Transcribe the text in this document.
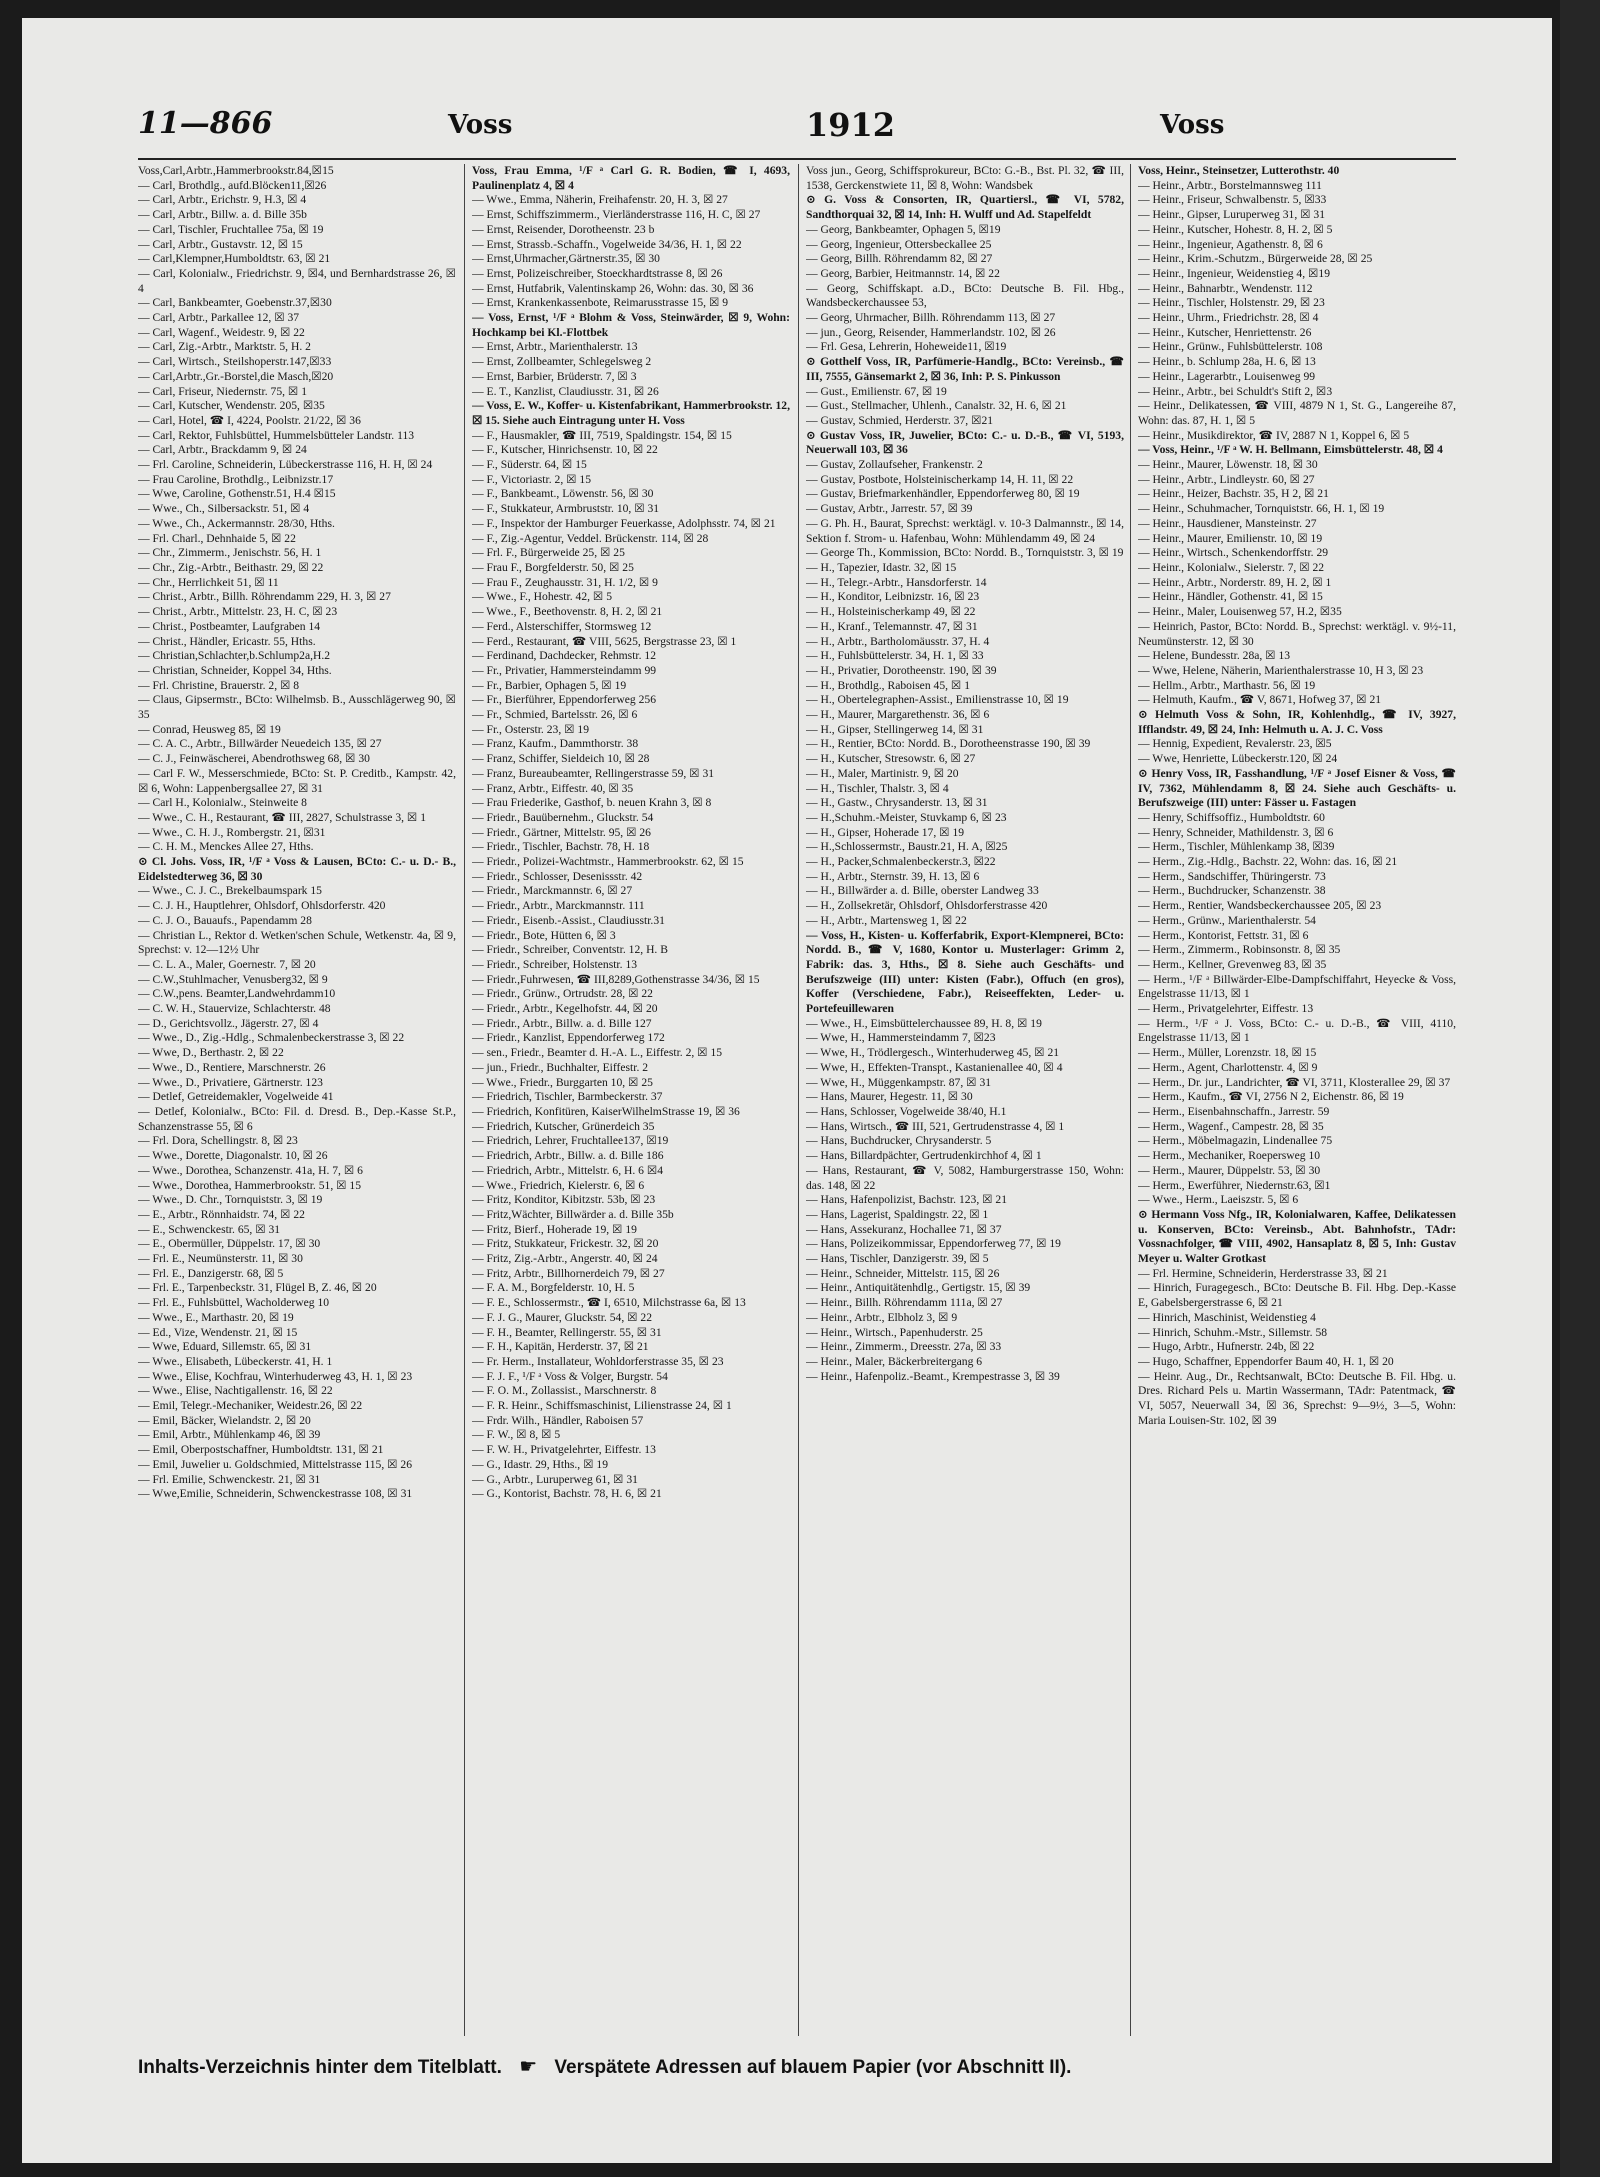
11—866	Voss	1912	Voss

Voss,Carl,Arbtr.,Hammerbrookstr.84,☒15

— Carl, Brothdlg., aufd.Blöcken11,☒26

— Carl, Arbtr., Erichstr. 9, H.3, ☒ 4

— Carl, Arbtr., Billw. a. d. Bille 35b

— Carl, Tischler, Fruchtallee 75a, ☒ 19

— Carl, Arbtr., Gustavstr. 12, ☒ 15

— Carl,Klempner,Humboldtstr. 63, ☒ 21

— Carl, Kolonialw., Friedrichstr. 9, ☒4, und Bernhardstrasse 26, ☒ 4

— Carl, Bankbeamter, Goebenstr.37,☒30

— Carl, Arbtr., Parkallee 12, ☒ 37

— Carl, Wagenf., Weidestr. 9, ☒ 22

— Carl, Zig.-Arbtr., Marktstr. 5, H. 2

— Carl, Wirtsch., Steilshoperstr.147,☒33

— Carl,Arbtr.,Gr.-Borstel,die Masch,☒20

— Carl, Friseur, Niedernstr. 75, ☒ 1

— Carl, Kutscher, Wendenstr. 205, ☒35

— Carl, Hotel, ☎ I, 4224, Poolstr. 21/22, ☒ 36

— Carl, Rektor, Fuhlsbüttel, Hummelsbütteler Landstr. 113

— Carl, Arbtr., Brackdamm 9, ☒ 24

— Frl. Caroline, Schneiderin, Lübeckerstrasse 116, H. H, ☒ 24

— Frau Caroline, Brothdlg., Leibnizstr.17

— Wwe, Caroline, Gothenstr.51, H.4 ☒15

— Wwe., Ch., Silbersackstr. 51, ☒ 4

— Wwe., Ch., Ackermannstr. 28/30, Hths.

— Frl. Charl., Dehnhaide 5, ☒ 22

— Chr., Zimmerm., Jenischstr. 56, H. 1

— Chr., Zig.-Arbtr., Beithastr. 29, ☒ 22

— Chr., Herrlichkeit 51, ☒ 11

— Christ., Arbtr., Billh. Röhrendamm 229, H. 3, ☒ 27

— Christ., Arbtr., Mittelstr. 23, H. C, ☒ 23

— Christ., Postbeamter, Laufgraben 14

— Christ., Händler, Ericastr. 55, Hths.

— Christian,Schlachter,b.Schlump2a,H.2

— Christian, Schneider, Koppel 34, Hths.

— Frl. Christine, Brauerstr. 2, ☒ 8

— Claus, Gipsermstr., BCto: Wilhelmsb. B., Ausschlägerweg 90, ☒ 35

— Conrad, Heusweg 85, ☒ 19

— C. A. C., Arbtr., Billwärder Neuedeich 135, ☒ 27

— C. J., Feinwäscherei, Abendrothsweg 68, ☒ 30

— Carl F. W., Messerschmiede, BCto: St. P. Creditb., Kampstr. 42, ☒ 6, Wohn: Lappenbergsallee 27, ☒ 31

— Carl H., Kolonialw., Steinweite 8

— Wwe., C. H., Restaurant, ☎ III, 2827, Schulstrasse 3, ☒ 1

— Wwe., C. H. J., Rombergstr. 21, ☒31

— C. H. M., Menckes Allee 27, Hths.

⊙ Cl. Johs. Voss, IR, ¹/F ᵃ Voss & Lausen, BCto: C.- u. D.- B., Eidelstedterweg 36, ☒ 30

— Wwe., C. J. C., Brekelbaumspark 15

— C. J. H., Hauptlehrer, Ohlsdorf, Ohlsdorferstr. 420

— C. J. O., Bauaufs., Papendamm 28

— Christian L., Rektor d. Wetken'schen Schule, Wetkenstr. 4a, ☒ 9, Sprechst: v. 12—12½ Uhr

— C. L. A., Maler, Goernestr. 7, ☒ 20

— C.W.,Stuhlmacher, Venusberg32, ☒ 9

— C.W.,pens. Beamter,Landwehrdamm10

— C. W. H., Stauervize, Schlachterstr. 48

— D., Gerichtsvollz., Jägerstr. 27, ☒ 4

— Wwe., D., Zig.-Hdlg., Schmalenbeckerstrasse 3, ☒ 22

— Wwe, D., Berthastr. 2, ☒ 22

— Wwe., D., Rentiere, Marschnerstr. 26

— Wwe., D., Privatiere, Gärtnerstr. 123

— Detlef, Getreidemakler, Vogelweide 41

— Detlef, Kolonialw., BCto: Fil. d. Dresd. B., Dep.-Kasse St.P., Schanzenstrasse 55, ☒ 6

— Frl. Dora, Schellingstr. 8, ☒ 23

— Wwe., Dorette, Diagonalstr. 10, ☒ 26

— Wwe., Dorothea, Schanzenstr. 41a, H. 7, ☒ 6

— Wwe., Dorothea, Hammerbrookstr. 51, ☒ 15

— Wwe., D. Chr., Tornquiststr. 3, ☒ 19

— E., Arbtr., Rönnhaidstr. 74, ☒ 22

— E., Schwenckestr. 65, ☒ 31

— E., Obermüller, Düppelstr. 17, ☒ 30

— Frl. E., Neumünsterstr. 11, ☒ 30

— Frl. E., Danzigerstr. 68, ☒ 5

— Frl. E., Tarpenbeckstr. 31, Flügel B, Z. 46, ☒ 20

— Frl. E., Fuhlsbüttel, Wacholderweg 10

— Wwe., E., Marthastr. 20, ☒ 19

— Ed., Vize, Wendenstr. 21, ☒ 15

— Wwe, Eduard, Sillemstr. 65, ☒ 31

— Wwe., Elisabeth, Lübeckerstr. 41, H. 1

— Wwe., Elise, Kochfrau, Winterhuderweg 43, H. 1, ☒ 23

— Wwe., Elise, Nachtigallenstr. 16, ☒ 22

— Emil, Telegr.-Mechaniker, Weidestr.26, ☒ 22

— Emil, Bäcker, Wielandstr. 2, ☒ 20

— Emil, Arbtr., Mühlenkamp 46, ☒ 39

— Emil, Oberpostschaffner, Humboldtstr. 131, ☒ 21

— Emil, Juwelier u. Goldschmied, Mittelstrasse 115, ☒ 26

— Frl. Emilie, Schwenckestr. 21, ☒ 31

— Wwe,Emilie, Schneiderin, Schwenckestrasse 108, ☒ 31

Voss, Frau Emma, ¹/F ᵃ Carl G. R. Bodien, ☎ I, 4693, Paulinenplatz 4, ☒ 4

— Wwe., Emma, Näherin, Freihafenstr. 20, H. 3, ☒ 27

— Ernst, Schiffszimmerm., Vierländerstrasse 116, H. C, ☒ 27

— Ernst, Reisender, Dorotheenstr. 23 b

— Ernst, Strassb.-Schaffn., Vogelweide 34/36, H. 1, ☒ 22

— Ernst,Uhrmacher,Gärtnerstr.35, ☒ 30

— Ernst, Polizeischreiber, Stoeckhardtstrasse 8, ☒ 26

— Ernst, Hutfabrik, Valentinskamp 26, Wohn: das. 30, ☒ 36

— Ernst, Krankenkassenbote, Reimarusstrasse 15, ☒ 9

— Voss, Ernst, ¹/F ᵃ Blohm & Voss, Steinwärder, ☒ 9, Wohn: Hochkamp bei Kl.-Flottbek

— Ernst, Arbtr., Marienthalerstr. 13

— Ernst, Zollbeamter, Schlegelsweg 2

— Ernst, Barbier, Brüderstr. 7, ☒ 3

— E. T., Kanzlist, Claudiusstr. 31, ☒ 26

— Voss, E. W., Koffer- u. Kistenfabrikant, Hammerbrookstr. 12, ☒ 15. Siehe auch Eintragung unter H. Voss

— F., Hausmakler, ☎ III, 7519, Spaldingstr. 154, ☒ 15

— F., Kutscher, Hinrichsenstr. 10, ☒ 22

— F., Süderstr. 64, ☒ 15

— F., Victoriastr. 2, ☒ 15

— F., Bankbeamt., Löwenstr. 56, ☒ 30

— F., Stukkateur, Armbruststr. 10, ☒ 31

— F., Inspektor der Hamburger Feuerkasse, Adolphsstr. 74, ☒ 21

— F., Zig.-Agentur, Veddel. Brückenstr. 114, ☒ 28

— Frl. F., Bürgerweide 25, ☒ 25

— Frau F., Borgfelderstr. 50, ☒ 25

— Frau F., Zeughausstr. 31, H. 1/2, ☒ 9

— Wwe., F., Hohestr. 42, ☒ 5

— Wwe., F., Beethovenstr. 8, H. 2, ☒ 21

— Ferd., Alsterschiffer, Stormsweg 12

— Ferd., Restaurant, ☎ VIII, 5625, Bergstrasse 23, ☒ 1

— Ferdinand, Dachdecker, Rehmstr. 12

— Fr., Privatier, Hammersteindamm 99

— Fr., Barbier, Ophagen 5, ☒ 19

— Fr., Bierführer, Eppendorferweg 256

— Fr., Schmied, Bartelsstr. 26, ☒ 6

— Fr., Osterstr. 23, ☒ 19

— Franz, Kaufm., Dammthorstr. 38

— Franz, Schiffer, Sieldeich 10, ☒ 28

— Franz, Bureaubeamter, Rellingerstrasse 59, ☒ 31

— Franz, Arbtr., Eiffestr. 40, ☒ 35

— Frau Friederike, Gasthof, b. neuen Krahn 3, ☒ 8

— Friedr., Bauübernehm., Gluckstr. 54

— Friedr., Gärtner, Mittelstr. 95, ☒ 26

— Friedr., Tischler, Bachstr. 78, H. 18

— Friedr., Polizei-Wachtmstr., Hammerbrookstr. 62, ☒ 15

— Friedr., Schlosser, Desenissstr. 42

— Friedr., Marckmannstr. 6, ☒ 27

— Friedr., Arbtr., Marckmannstr. 111

— Friedr., Eisenb.-Assist., Claudiusstr.31

— Friedr., Bote, Hütten 6, ☒ 3

— Friedr., Schreiber, Conventstr. 12, H. B

— Friedr., Schreiber, Holstenstr. 13

— Friedr.,Fuhrwesen, ☎ III,8289,Gothenstrasse 34/36, ☒ 15

— Friedr., Grünw., Ortrudstr. 28, ☒ 22

— Friedr., Arbtr., Kegelhofstr. 44, ☒ 20

— Friedr., Arbtr., Billw. a. d. Bille 127

— Friedr., Kanzlist, Eppendorferweg 172

— sen., Friedr., Beamter d. H.-A. L., Eiffestr. 2, ☒ 15

— jun., Friedr., Buchhalter, Eiffestr. 2

— Wwe., Friedr., Burggarten 10, ☒ 25

— Friedrich, Tischler, Barmbeckerstr. 37

— Friedrich, Konfitüren, KaiserWilhelmStrasse 19, ☒ 36

— Friedrich, Kutscher, Grünerdeich 35

— Friedrich, Lehrer, Fruchtallee137, ☒19

— Friedrich, Arbtr., Billw. a. d. Bille 186

— Friedrich, Arbtr., Mittelstr. 6, H. 6 ☒4

— Wwe., Friedrich, Kielerstr. 6, ☒ 6

— Fritz, Konditor, Kibitzstr. 53b, ☒ 23

— Fritz,Wächter, Billwärder a. d. Bille 35b

— Fritz, Bierf., Hoherade 19, ☒ 19

— Fritz, Stukkateur, Frickestr. 32, ☒ 20

— Fritz, Zig.-Arbtr., Angerstr. 40, ☒ 24

— Fritz, Arbtr., Billhornerdeich 79, ☒ 27

— F. A. M., Borgfelderstr. 10, H. 5

— F. E., Schlossermstr., ☎ I, 6510, Milchstrasse 6a, ☒ 13

— F. J. G., Maurer, Gluckstr. 54, ☒ 22

— F. H., Beamter, Rellingerstr. 55, ☒ 31

— F. H., Kapitän, Herderstr. 37, ☒ 21

— Fr. Herm., Installateur, Wohldorferstrasse 35, ☒ 23

— F. J. F., ¹/F ᵃ Voss & Volger, Burgstr. 54

— F. O. M., Zollassist., Marschnerstr. 8

— F. R. Heinr., Schiffsmaschinist, Lilienstrasse 24, ☒ 1

— Frdr. Wilh., Händler, Raboisen 57

— F. W., ☒ 8, ☒ 5

— F. W. H., Privatgelehrter, Eiffestr. 13

— G., Idastr. 29, Hths., ☒ 19

— G., Arbtr., Luruperweg 61, ☒ 31

— G., Kontorist, Bachstr. 78, H. 6, ☒ 21

Voss jun., Georg, Schiffsprokureur, BCto: G.-B., Bst. Pl. 32, ☎ III, 1538, Gerckenstwiete 11, ☒ 8, Wohn: Wandsbek

⊙ G. Voss & Consorten, IR, Quartiersl., ☎ VI, 5782, Sandthorquai 32, ☒ 14, Inh: H. Wulff und Ad. Stapelfeldt

— Georg, Bankbeamter, Ophagen 5, ☒19

— Georg, Ingenieur, Ottersbeckallee 25

— Georg, Billh. Röhrendamm 82, ☒ 27

— Georg, Barbier, Heitmannstr. 14, ☒ 22

— Georg, Schiffskapt. a.D., BCto: Deutsche B. Fil. Hbg., Wandsbeckerchaussee 53,

— Georg, Uhrmacher, Billh. Röhrendamm 113, ☒ 27

— jun., Georg, Reisender, Hammerlandstr. 102, ☒ 26

— Frl. Gesa, Lehrerin, Hoheweide11, ☒19

⊙ Gotthelf Voss, IR, Parfümerie-Handlg., BCto: Vereinsb., ☎ III, 7555, Gänsemarkt 2, ☒ 36, Inh: P. S. Pinkusson

— Gust., Emilienstr. 67, ☒ 19

— Gust., Stellmacher, Uhlenh., Canalstr. 32, H. 6, ☒ 21

— Gustav, Schmied, Herderstr. 37, ☒21

⊙ Gustav Voss, IR, Juwelier, BCto: C.- u. D.-B., ☎ VI, 5193, Neuerwall 103, ☒ 36

— Gustav, Zollaufseher, Frankenstr. 2

— Gustav, Postbote, Holsteinischerkamp 14, H. 11, ☒ 22

— Gustav, Briefmarkenhändler, Eppendorferweg 80, ☒ 19

— Gustav, Arbtr., Jarrestr. 57, ☒ 39

— G. Ph. H., Baurat, Sprechst: werktägl. v. 10-3 Dalmannstr., ☒ 14, Sektion f. Strom- u. Hafenbau, Wohn: Mühlendamm 49, ☒ 24

— George Th., Kommission, BCto: Nordd. B., Tornquiststr. 3, ☒ 19

— H., Tapezier, Idastr. 32, ☒ 15

— H., Telegr.-Arbtr., Hansdorferstr. 14

— H., Konditor, Leibnizstr. 16, ☒ 23

— H., Holsteinischerkamp 49, ☒ 22

— H., Kranf., Telemannstr. 47, ☒ 31

— H., Arbtr., Bartholomäusstr. 37, H. 4

— H., Fuhlsbüttelerstr. 34, H. 1, ☒ 33

— H., Privatier, Dorotheenstr. 190, ☒ 39

— H., Brothdlg., Raboisen 45, ☒ 1

— H., Obertelegraphen-Assist., Emilienstrasse 10, ☒ 19

— H., Maurer, Margarethenstr. 36, ☒ 6

— H., Gipser, Stellingerweg 14, ☒ 31

— H., Rentier, BCto: Nordd. B., Dorotheenstrasse 190, ☒ 39

— H., Kutscher, Stresowstr. 6, ☒ 27

— H., Maler, Martinistr. 9, ☒ 20

— H., Tischler, Thalstr. 3, ☒ 4

— H., Gastw., Chrysanderstr. 13, ☒ 31

— H.,Schuhm.-Meister, Stuvkamp 6, ☒ 23

— H., Gipser, Hoherade 17, ☒ 19

— H.,Schlossermstr., Baustr.21, H. A, ☒25

— H., Packer,Schmalenbeckerstr.3, ☒22

— H., Arbtr., Sternstr. 39, H. 13, ☒ 6

— H., Billwärder a. d. Bille, oberster Landweg 33

— H., Zollsekretär, Ohlsdorf, Ohlsdorferstrasse 420

— H., Arbtr., Martensweg 1, ☒ 22

— Voss, H., Kisten- u. Kofferfabrik, Export-Klempnerei, BCto: Nordd. B., ☎ V, 1680, Kontor u. Musterlager: Grimm 2, Fabrik: das. 3, Hths., ☒ 8. Siehe auch Geschäfts- und Berufszweige (III) unter: Kisten (Fabr.), Offuch (en gros), Koffer (Verschiedene, Fabr.), Reiseeffekten, Leder- u. Portefeuillewaren

— Wwe., H., Eimsbüttelerchaussee 89, H. 8, ☒ 19

— Wwe, H., Hammersteindamm 7, ☒23

— Wwe, H., Trödlergesch., Winterhuderweg 45, ☒ 21

— Wwe, H., Effekten-Transpt., Kastanienallee 40, ☒ 4

— Wwe, H., Müggenkampstr. 87, ☒ 31

— Hans, Maurer, Hegestr. 11, ☒ 30

— Hans, Schlosser, Vogelweide 38/40, H.1

— Hans, Wirtsch., ☎ III, 521, Gertrudenstrasse 4, ☒ 1

— Hans, Buchdrucker, Chrysanderstr. 5

— Hans, Billardpächter, Gertrudenkirchhof 4, ☒ 1

— Hans, Restaurant, ☎ V, 5082, Hamburgerstrasse 150, Wohn: das. 148, ☒ 22

— Hans, Hafenpolizist, Bachstr. 123, ☒ 21

— Hans, Lagerist, Spaldingstr. 22, ☒ 1

— Hans, Assekuranz, Hochallee 71, ☒ 37

— Hans, Polizeikommissar, Eppendorferweg 77, ☒ 19

— Hans, Tischler, Danzigerstr. 39, ☒ 5

— Heinr., Schneider, Mittelstr. 115, ☒ 26

— Heinr., Antiquitätenhdlg., Gertigstr. 15, ☒ 39

— Heinr., Billh. Röhrendamm 111a, ☒ 27

— Heinr., Arbtr., Elbholz 3, ☒ 9

— Heinr., Wirtsch., Papenhuderstr. 25

— Heinr., Zimmerm., Dreesstr. 27a, ☒ 33

— Heinr., Maler, Bäckerbreitergang 6

— Heinr., Hafenpoliz.-Beamt., Krempestrasse 3, ☒ 39

Voss, Heinr., Steinsetzer, Lutterothstr. 40

— Heinr., Arbtr., Borstelmannsweg 111

— Heinr., Friseur, Schwalbenstr. 5, ☒33

— Heinr., Gipser, Luruperweg 31, ☒ 31

— Heinr., Kutscher, Hohestr. 8, H. 2, ☒ 5

— Heinr., Ingenieur, Agathenstr. 8, ☒ 6

— Heinr., Krim.-Schutzm., Bürgerweide 28, ☒ 25

— Heinr., Ingenieur, Weidenstieg 4, ☒19

— Heinr., Bahnarbtr., Wendenstr. 112

— Heinr., Tischler, Holstenstr. 29, ☒ 23

— Heinr., Uhrm., Friedrichstr. 28, ☒ 4

— Heinr., Kutscher, Henriettenstr. 26

— Heinr., Grünw., Fuhlsbüttelerstr. 108

— Heinr., b. Schlump 28a, H. 6, ☒ 13

— Heinr., Lagerarbtr., Louisenweg 99

— Heinr., Arbtr., bei Schuldt's Stift 2, ☒3

— Heinr., Delikatessen, ☎ VIII, 4879 N 1, St. G., Langereihe 87, Wohn: das. 87, H. 1, ☒ 5

— Heinr., Musikdirektor, ☎ IV, 2887 N 1, Koppel 6, ☒ 5

— Voss, Heinr., ¹/F ᵃ W. H. Bellmann, Eimsbüttelerstr. 48, ☒ 4

— Heinr., Maurer, Löwenstr. 18, ☒ 30

— Heinr., Arbtr., Lindleystr. 60, ☒ 27

— Heinr., Heizer, Bachstr. 35, H 2, ☒ 21

— Heinr., Schuhmacher, Tornquiststr. 66, H. 1, ☒ 19

— Heinr., Hausdiener, Mansteinstr. 27

— Heinr., Maurer, Emilienstr. 10, ☒ 19

— Heinr., Wirtsch., Schenkendorffstr. 29

— Heinr., Kolonialw., Sielerstr. 7, ☒ 22

— Heinr., Arbtr., Norderstr. 89, H. 2, ☒ 1

— Heinr., Händler, Gothenstr. 41, ☒ 15

— Heinr., Maler, Louisenweg 57, H.2, ☒35

— Heinrich, Pastor, BCto: Nordd. B., Sprechst: werktägl. v. 9½-11, Neumünsterstr. 12, ☒ 30

— Helene, Bundesstr. 28a, ☒ 13

— Wwe, Helene, Näherin, Marienthalerstrasse 10, H 3, ☒ 23

— Hellm., Arbtr., Marthastr. 56, ☒ 19

— Helmuth, Kaufm., ☎ V, 8671, Hofweg 37, ☒ 21

⊙ Helmuth Voss & Sohn, IR, Kohlenhdlg., ☎ IV, 3927, Ifflandstr. 49, ☒ 24, Inh: Helmuth u. A. J. C. Voss

— Hennig, Expedient, Revalerstr. 23, ☒5

— Wwe, Henriette, Lübeckerstr.120, ☒ 24

⊙ Henry Voss, IR, Fasshandlung, ¹/F ᵃ Josef Eisner & Voss, ☎ IV, 7362, Mühlendamm 8, ☒ 24. Siehe auch Geschäfts- u. Berufszweige (III) unter: Fässer u. Fastagen

— Henry, Schiffsoffiz., Humboldtstr. 60

— Henry, Schneider, Mathildenstr. 3, ☒ 6

— Herm., Tischler, Mühlenkamp 38, ☒39

— Herm., Zig.-Hdlg., Bachstr. 22, Wohn: das. 16, ☒ 21

— Herm., Sandschiffer, Thüringerstr. 73

— Herm., Buchdrucker, Schanzenstr. 38

— Herm., Rentier, Wandsbeckerchaussee 205, ☒ 23

— Herm., Grünw., Marienthalerstr. 54

— Herm., Kontorist, Fettstr. 31, ☒ 6

— Herm., Zimmerm., Robinsonstr. 8, ☒ 35

— Herm., Kellner, Grevenweg 83, ☒ 35

— Herm., ¹/F ᵃ Billwärder-Elbe-Dampfschiffahrt, Heyecke & Voss, Engelstrasse 11/13, ☒ 1

— Herm., Privatgelehrter, Eiffestr. 13

— Herm., ¹/F ᵃ J. Voss, BCto: C.- u. D.-B., ☎ VIII, 4110, Engelstrasse 11/13, ☒ 1

— Herm., Müller, Lorenzstr. 18, ☒ 15

— Herm., Agent, Charlottenstr. 4, ☒ 9

— Herm., Dr. jur., Landrichter, ☎ VI, 3711, Klosterallee 29, ☒ 37

— Herm., Kaufm., ☎ VI, 2756 N 2, Eichenstr. 86, ☒ 19

— Herm., Eisenbahnschaffn., Jarrestr. 59

— Herm., Wagenf., Campestr. 28, ☒ 35

— Herm., Möbelmagazin, Lindenallee 75

— Herm., Mechaniker, Roepersweg 10

— Herm., Maurer, Düppelstr. 53, ☒ 30

— Herm., Ewerführer, Niedernstr.63, ☒1

— Wwe., Herm., Laeiszstr. 5, ☒ 6

⊙ Hermann Voss Nfg., IR, Kolonialwaren, Kaffee, Delikatessen u. Konserven, BCto: Vereinsb., Abt. Bahnhofstr., TAdr: Vossnachfolger, ☎ VIII, 4902, Hansaplatz 8, ☒ 5, Inh: Gustav Meyer u. Walter Grotkast

— Frl. Hermine, Schneiderin, Herderstrasse 33, ☒ 21

— Hinrich, Furagegesch., BCto: Deutsche B. Fil. Hbg. Dep.-Kasse E, Gabelsbergerstrasse 6, ☒ 21

— Hinrich, Maschinist, Weidenstieg 4

— Hinrich, Schuhm.-Mstr., Sillemstr. 58

— Hugo, Arbtr., Hufnerstr. 24b, ☒ 22

— Hugo, Schaffner, Eppendorfer Baum 40, H. 1, ☒ 20

— Heinr. Aug., Dr., Rechtsanwalt, BCto: Deutsche B. Fil. Hbg. u. Dres. Richard Pels u. Martin Wassermann, TAdr: Patentmack, ☎ VI, 5057, Neuerwall 34, ☒ 36, Sprechst: 9—9½, 3—5, Wohn: Maria Louisen-Str. 102, ☒ 39

Inhalts-Verzeichnis hinter dem Titelblatt. ☛ Verspätete Adressen auf blauem Papier (vor Abschnitt II).
